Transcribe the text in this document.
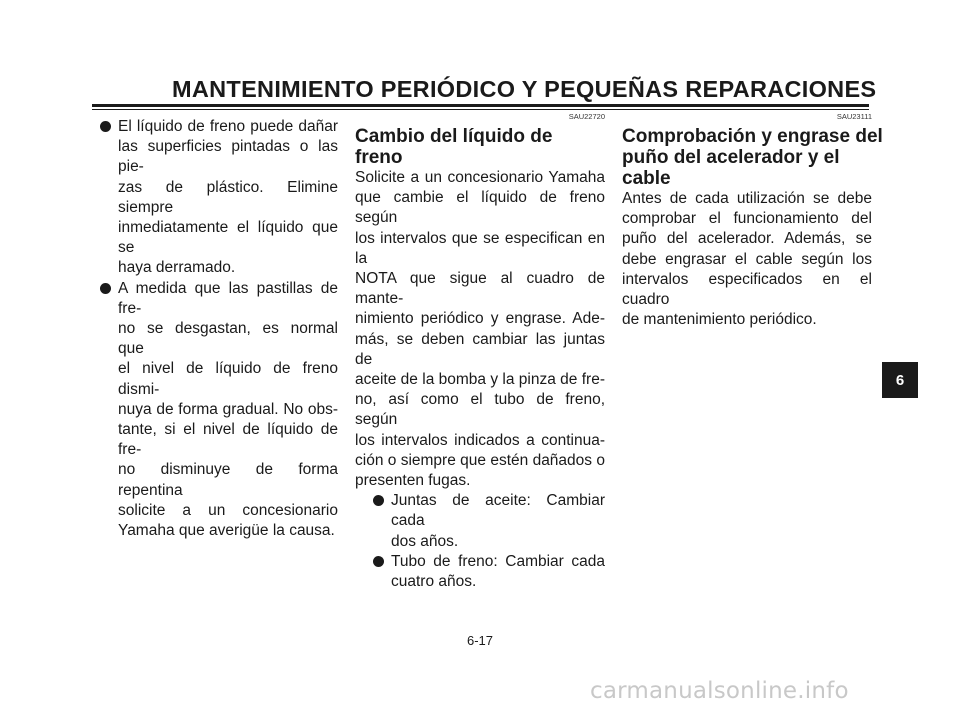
MANTENIMIENTO PERIÓDICO Y PEQUEÑAS REPARACIONES
El líquido de freno puede dañar
las superficies pintadas o las pie-
zas de plástico. Elimine siempre
inmediatamente el líquido que se
haya derramado.
A medida que las pastillas de fre-
no se desgastan, es normal que
el nivel de líquido de freno dismi-
nuya de forma gradual. No obs-
tante, si el nivel de líquido de fre-
no disminuye de forma repentina
solicite a un concesionario
Yamaha que averigüe la causa.
SAU22720
Cambio del líquido de freno
Solicite a un concesionario Yamaha
que cambie el líquido de freno según
los intervalos que se especifican en la
NOTA que sigue al cuadro de mante-
nimiento periódico y engrase. Ade-
más, se deben cambiar las juntas de
aceite de la bomba y la pinza de fre-
no, así como el tubo de freno, según
los intervalos indicados a continua-
ción o siempre que estén dañados o
presenten fugas.
Juntas de aceite: Cambiar cada
dos años.
Tubo de freno: Cambiar cada
cuatro años.
SAU23111
Comprobación y engrase del
puño del acelerador y el
cable
Antes de cada utilización se debe
comprobar el funcionamiento del
puño del acelerador. Además, se
debe engrasar el cable según los
intervalos especificados en el cuadro
de mantenimiento periódico.
6
6-17
carmanualsonline.info
